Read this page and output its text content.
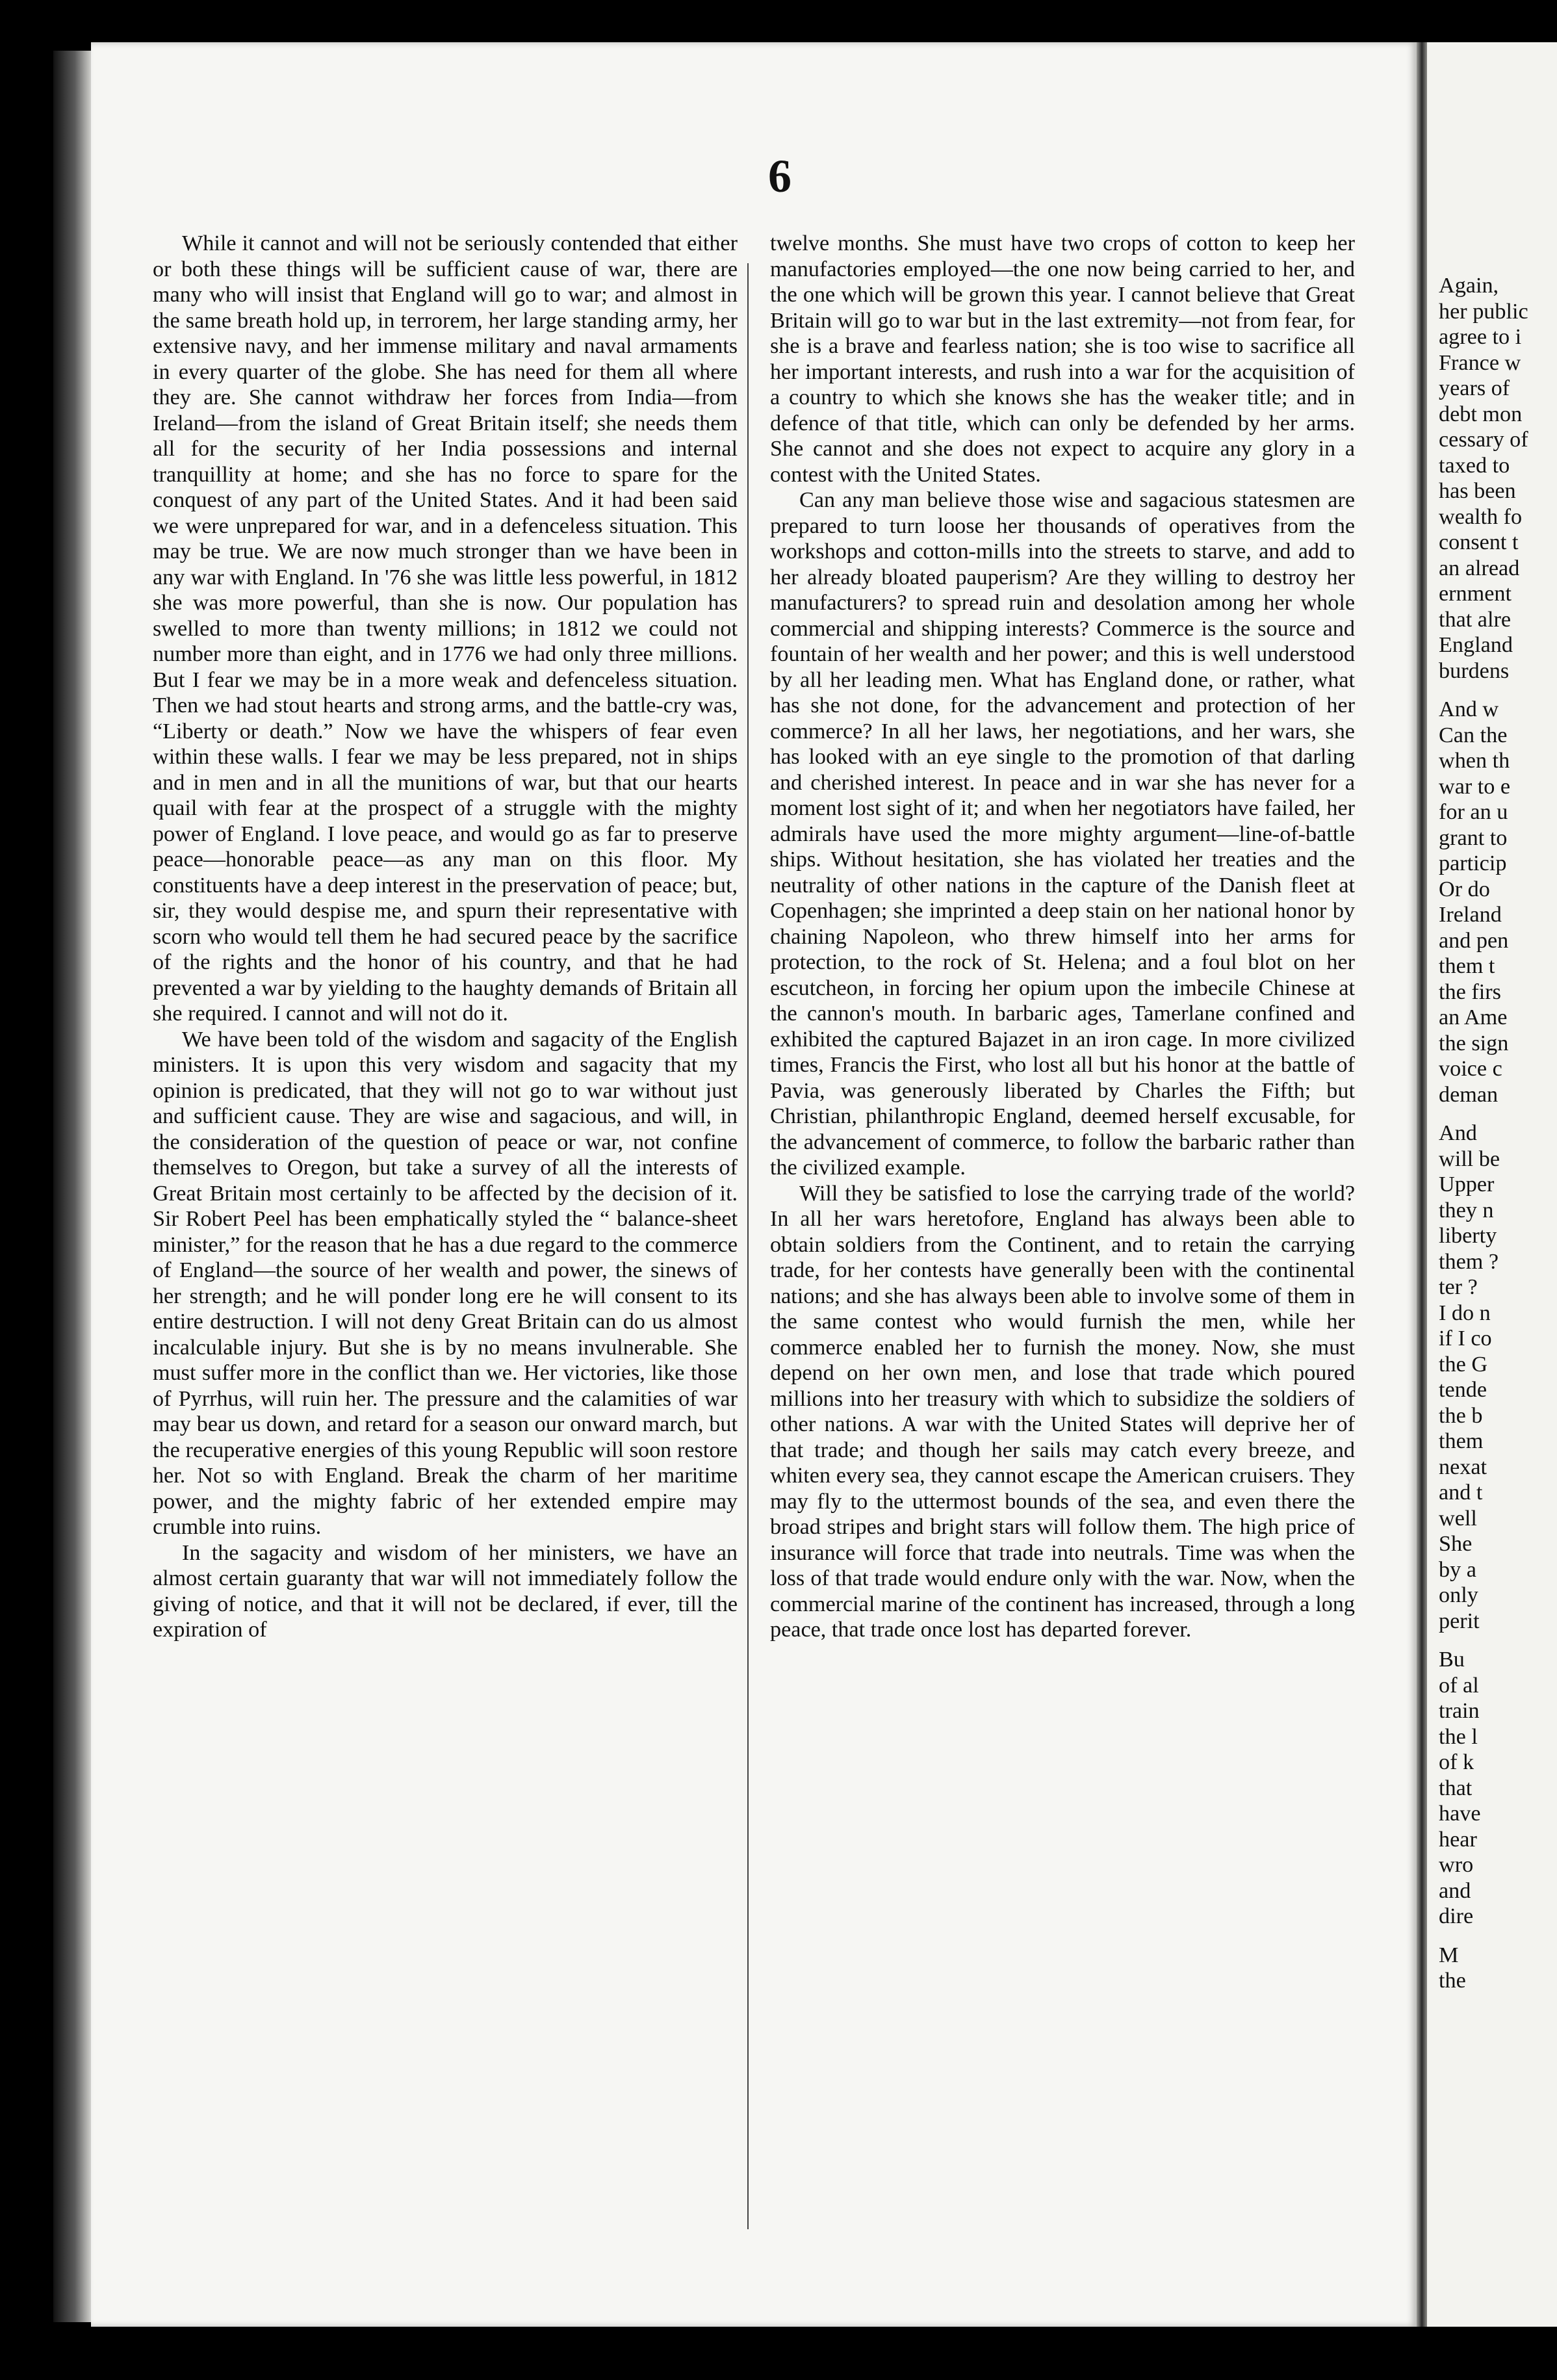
6

While it cannot and will not be seriously contended that either or both these things will be sufficient cause of war, there are many who will insist that England will go to war; and almost in the same breath hold up, in terrorem, her large standing army, her extensive navy, and her immense military and naval armaments in every quarter of the globe. She has need for them all where they are. She cannot withdraw her forces from India—from Ireland—from the island of Great Britain itself; she needs them all for the security of her India possessions and internal tranquillity at home; and she has no force to spare for the conquest of any part of the United States. And it had been said we were unprepared for war, and in a defenceless situation. This may be true. We are now much stronger than we have been in any war with England. In '76 she was little less powerful, in 1812 she was more powerful, than she is now. Our population has swelled to more than twenty millions; in 1812 we could not number more than eight, and in 1776 we had only three millions. But I fear we may be in a more weak and defenceless situation. Then we had stout hearts and strong arms, and the battle-cry was, “Liberty or death.” Now we have the whispers of fear even within these walls. I fear we may be less prepared, not in ships and in men and in all the munitions of war, but that our hearts quail with fear at the prospect of a struggle with the mighty power of England. I love peace, and would go as far to preserve peace—honorable peace—as any man on this floor. My constituents have a deep interest in the preservation of peace; but, sir, they would despise me, and spurn their representative with scorn who would tell them he had secured peace by the sacrifice of the rights and the honor of his country, and that he had prevented a war by yielding to the haughty demands of Britain all she required. I cannot and will not do it.

We have been told of the wisdom and sagacity of the English ministers. It is upon this very wisdom and sagacity that my opinion is predicated, that they will not go to war without just and sufficient cause. They are wise and sagacious, and will, in the consideration of the question of peace or war, not confine themselves to Oregon, but take a survey of all the interests of Great Britain most certainly to be affected by the decision of it. Sir Robert Peel has been emphatically styled the “ balance-sheet minister,” for the reason that he has a due regard to the commerce of England—the source of her wealth and power, the sinews of her strength; and he will ponder long ere he will consent to its entire destruction. I will not deny Great Britain can do us almost incalculable injury. But she is by no means invulnerable. She must suffer more in the conflict than we. Her victories, like those of Pyrrhus, will ruin her. The pressure and the calamities of war may bear us down, and retard for a season our onward march, but the recuperative energies of this young Republic will soon restore her. Not so with England. Break the charm of her maritime power, and the mighty fabric of her extended empire may crumble into ruins.

In the sagacity and wisdom of her ministers, we have an almost certain guaranty that war will not immediately follow the giving of notice, and that it will not be declared, if ever, till the expiration of

twelve months. She must have two crops of cotton to keep her manufactories employed—the one now being carried to her, and the one which will be grown this year. I cannot believe that Great Britain will go to war but in the last extremity—not from fear, for she is a brave and fearless nation; she is too wise to sacrifice all her important interests, and rush into a war for the acquisition of a country to which she knows she has the weaker title; and in defence of that title, which can only be defended by her arms. She cannot and she does not expect to acquire any glory in a contest with the United States.

Can any man believe those wise and sagacious statesmen are prepared to turn loose her thousands of operatives from the workshops and cotton-mills into the streets to starve, and add to her already bloated pauperism? Are they willing to destroy her manufacturers? to spread ruin and desolation among her whole commercial and shipping interests? Commerce is the source and fountain of her wealth and her power; and this is well understood by all her leading men. What has England done, or rather, what has she not done, for the advancement and protection of her commerce? In all her laws, her negotiations, and her wars, she has looked with an eye single to the promotion of that darling and cherished interest. In peace and in war she has never for a moment lost sight of it; and when her negotiators have failed, her admirals have used the more mighty argument—line-of-battle ships. Without hesitation, she has violated her treaties and the neutrality of other nations in the capture of the Danish fleet at Copenhagen; she imprinted a deep stain on her national honor by chaining Napoleon, who threw himself into her arms for protection, to the rock of St. Helena; and a foul blot on her escutcheon, in forcing her opium upon the imbecile Chinese at the cannon's mouth. In barbaric ages, Tamerlane confined and exhibited the captured Bajazet in an iron cage. In more civilized times, Francis the First, who lost all but his honor at the battle of Pavia, was generously liberated by Charles the Fifth; but Christian, philanthropic England, deemed herself excusable, for the advancement of commerce, to follow the barbaric rather than the civilized example.

Will they be satisfied to lose the carrying trade of the world? In all her wars heretofore, England has always been able to obtain soldiers from the Continent, and to retain the carrying trade, for her contests have generally been with the continental nations; and she has always been able to involve some of them in the same contest who would furnish the men, while her commerce enabled her to furnish the money. Now, she must depend on her own men, and lose that trade which poured millions into her treasury with which to subsidize the soldiers of other nations. A war with the United States will deprive her of that trade; and though her sails may catch every breeze, and whiten every sea, they cannot escape the American cruisers. They may fly to the uttermost bounds of the sea, and even there the broad stripes and bright stars will follow them. The high price of insurance will force that trade into neutrals. Time was when the loss of that trade would endure only with the war. Now, when the commercial marine of the continent has increased, through a long peace, that trade once lost has departed forever.

Again,

her public

agree to i

France w

years of

debt mon

cessary of

taxed to

has been

wealth fo

consent t

an alread

ernment

that alre

England

burdens

And w

Can the

when th

war to e

for an u

grant to

particip

Or do

Ireland

and pen

them t

the firs

an Ame

the sign

voice c

deman

And

will be

Upper

they n

liberty

them ?

ter ?

I do n

if I co

the G

tende

the b

them

nexat

and t

well

She

by a

only

perit

Bu

of al

train

the l

of k

that

have

hear

wro

and

dire

M

the
